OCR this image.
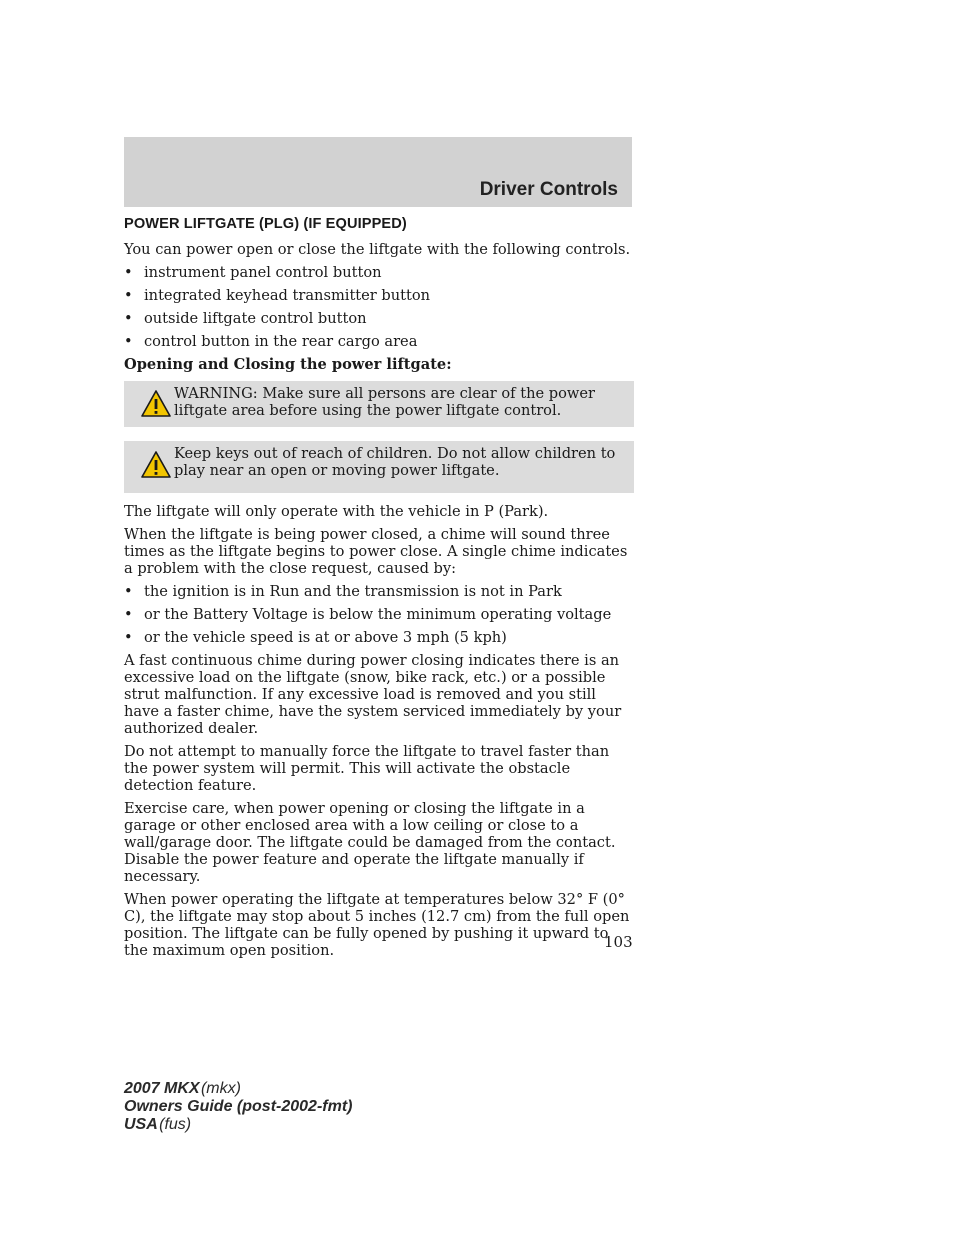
Driver Controls
POWER LIFTGATE (PLG) (IF EQUIPPED)

You can power open or close the liftgate with the following controls.

• instrument panel control button
• integrated keyhead transmitter button
• outside liftgate control button
• control button in the rear cargo area
Opening and Closing the power liftgate:
WARNING: Make sure all persons are clear of the power liftgate area before using the power liftgate control.
Keep keys out of reach of children. Do not allow children to play near an open or moving power liftgate.

The liftgate will only operate with the vehicle in P (Park).

When the liftgate is being power closed, a chime will sound three times as the liftgate begins to power close. A single chime indicates a problem with the close request, caused by:

• the ignition is in Run and the transmission is not in Park
• or the Battery Voltage is below the minimum operating voltage
• or the vehicle speed is at or above 3 mph (5 kph)

A fast continuous chime during power closing indicates there is an excessive load on the liftgate (snow, bike rack, etc.) or a possible strut malfunction. If any excessive load is removed and you still have a faster chime, have the system serviced immediately by your authorized dealer.

Do not attempt to manually force the liftgate to travel faster than the power system will permit. This will activate the obstacle detection feature.

Exercise care, when power opening or closing the liftgate in a garage or other enclosed area with a low ceiling or close to a wall/garage door. The liftgate could be damaged from the contact. Disable the power feature and operate the liftgate manually if necessary.

When power operating the liftgate at temperatures below 32° F (0° C), the liftgate may stop about 5 inches (12.7 cm) from the full open position. The liftgate can be fully opened by pushing it upward to the maximum open position.	103
2007 MKX (mkx)
Owners Guide (post-2002-fmt)
USA (fus)
